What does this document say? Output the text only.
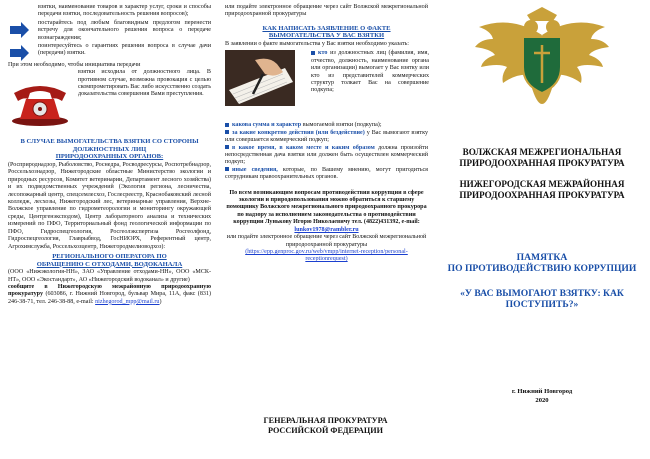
взятки, наименование товаров и характер услуг, сроки и способы передачи взятки, последовательность решения вопросов);

постарайтесь под любым благовидным предлогом перенести встречу для окончательного решения вопроса о передаче вознаграждения;

поинтересуйтесь о гарантиях решения вопроса в случае дачи (передачи) взятки.

При этом необходимо, чтобы инициатива передачи

взятки исходила от должностного лица. В противном случае, возможна провокация с целью скомпрометировать Вас либо искусственно создать доказательства совершения Вами преступления.

В СЛУЧАЕ ВЫМОГАТЕЛЬСТВА ВЗЯТКИ СО СТОРОНЫ ДОЛЖНОСТНЫХ ЛИЦ
ПРИРОДООХРАННЫХ ОРГАНОВ:

(Росприроднадзор, Рыболовство, Роснедра, Росводресурсы, Роспотребнадзор, Россельхознадзор, Нижегородские областные Министерство экологии и природных ресурсов, Комитет ветеринарии, Департамент лесного хозяйства) и их подведомственных учреждений (Экология региона, лесничества, лесопожарный центр, спецсемлесхоз, Гослесреестр, Краснобаковский лесной колледж, лесхозы, Нижегородский лес, ветеринарные управления, Верхне-Волжское управление по гидрометеорологии и мониторингу окружающей среды, Центргенэксподом), Центр лабораторного анализа и технических измерений по ПФО, Территориальный фонд геологической информации по ПФО, Гидроспецгеология, Росгеолэкспертиза Росгеолфонд, Гидроспецгеология, Главрыбвод, ГосНИОРХ, Референтный центр, Агрохимслужба, Россельхозцентр, Нижегородмелиоводхоз):

РЕГИОНАЛЬНОГО ОПЕРАТОРА ПО
ОБРАЩЕНИЮ С ОТХОДАМИ, ВОДОКАНАЛА

(ООО «Нижэкология-НН», ЗАО «Управление отходами-НН», ООО «МСК-НТ», ООО «Экостандарт», АО «Нижегородский водоканал» и другие)

сообщите в Нижегородскую межрайонную природоохранную прокуратуру (603086, г. Нижний Новгород, бульвар Мира, 11А, факс (831) 246-38-71, тел. 246-38-88, e-mail: nizhegorod_mpp@mail.ru)

или подайте электронное обращение через сайт Волжской межрегиональной природоохранной прокуратуры

КАК НАПИСАТЬ ЗАЯВЛЕНИЕ О ФАКТЕ
ВЫМОГАТЕЛЬСТВА У ВАС ВЗЯТКИ

В заявлении о факте вымогательства у Вас взятки необходимо указать:

кто из должностных лиц (фамилия, имя, отчество, должность, наименование органа или организации) вымогает у Вас взятку или кто из представителей коммерческих структур толкает Вас на совершение подкупа;

какова сумма и характер вымогаемой взятки (подкупа);

за какие конкретно действия (или бездействие) у Вас вымогают взятку или совершается коммерческий подкуп;

в какое время, в каком месте и каким образом должна произойти непосредственная дача взятки или должен быть осуществлен коммерческий подкуп;

иные сведения, которые, по Вашему мнению, могут пригодиться сотрудникам правоохранительных органов.

По всем возникающим вопросам противодействия коррупции в сфере экологии и природопользования можно обратиться к старшему помощнику Волжского межрегионального природоохранного прокурора по надзору за исполнением законодательства о противодействии коррупции Лунькову Игорю Николаевичу тел. (4822)431392, e-mail: lunkov1978@rambler.ru

или подайте электронное обращение через сайт Волжской межрегиональной природоохранной прокуратуры

(https://epp.genproc.gov.ru/web/vmpp/internet-reception/personal-receptionrequest)

ГЕНЕРАЛЬНАЯ ПРОКУРАТУРА
РОССИЙСКОЙ ФЕДЕРАЦИИ

ВОЛЖСКАЯ МЕЖРЕГИОНАЛЬНАЯ
ПРИРОДООХРАННАЯ ПРОКУРАТУРА
НИЖЕГОРОДСКАЯ МЕЖРАЙОННАЯ
ПРИРОДООХРАННАЯ ПРОКУРАТУРА
ПАМЯТКА
ПО ПРОТИВОДЕЙСТВИЮ КОРРУПЦИИ
«У ВАС ВЫМОГАЮТ ВЗЯТКУ: КАК
ПОСТУПИТЬ?»
г. Нижний Новгород
2020
